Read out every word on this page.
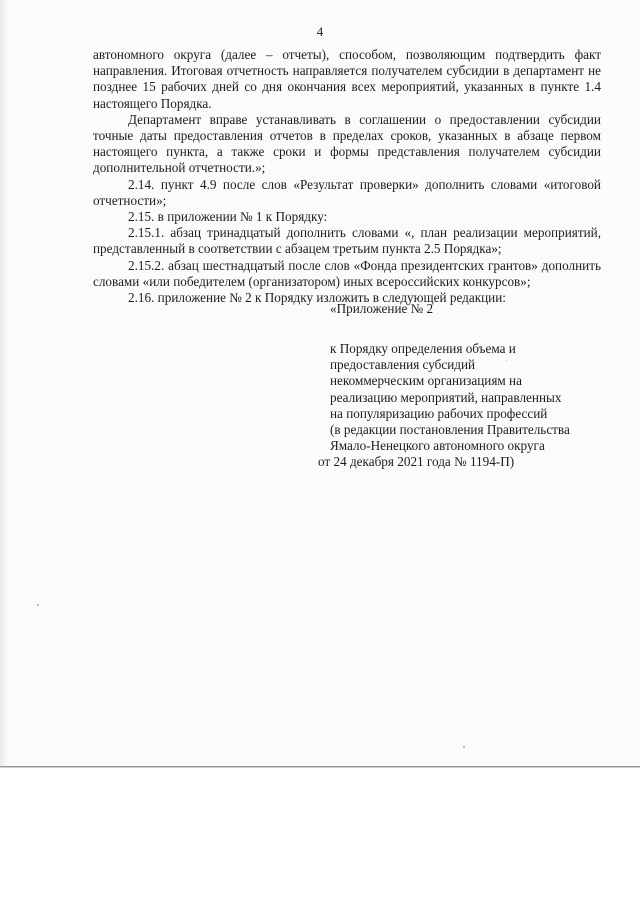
4

автономного округа (далее – отчеты), способом, позволяющим подтвердить факт направления. Итоговая отчетность направляется получателем субсидии в департамент не позднее 15 рабочих дней со дня окончания всех мероприятий, указанных в пункте 1.4 настоящего Порядка.

Департамент вправе устанавливать в соглашении о предоставлении субсидии точные даты предоставления отчетов в пределах сроков, указанных в абзаце первом настоящего пункта, а также сроки и формы представления получателем субсидии дополнительной отчетности.»;

2.14. пункт 4.9 после слов «Результат проверки» дополнить словами «итоговой отчетности»;

2.15. в приложении № 1 к Порядку:

2.15.1. абзац тринадцатый дополнить словами «, план реализации мероприятий, представленный в соответствии с абзацем третьим пункта 2.5 Порядка»;

2.15.2. абзац шестнадцатый после слов «Фонда президентских грантов» дополнить словами «или победителем (организатором) иных всероссийских конкурсов»;

2.16. приложение № 2 к Порядку изложить в следующей редакции:

«Приложение № 2

к Порядку определения объема и
предоставления субсидий
некоммерческим организациям на
реализацию мероприятий, направленных
на популяризацию рабочих профессий
(в редакции постановления Правительства
Ямало-Ненецкого автономного округа
от 24 декабря 2021 года № 1194-П)
